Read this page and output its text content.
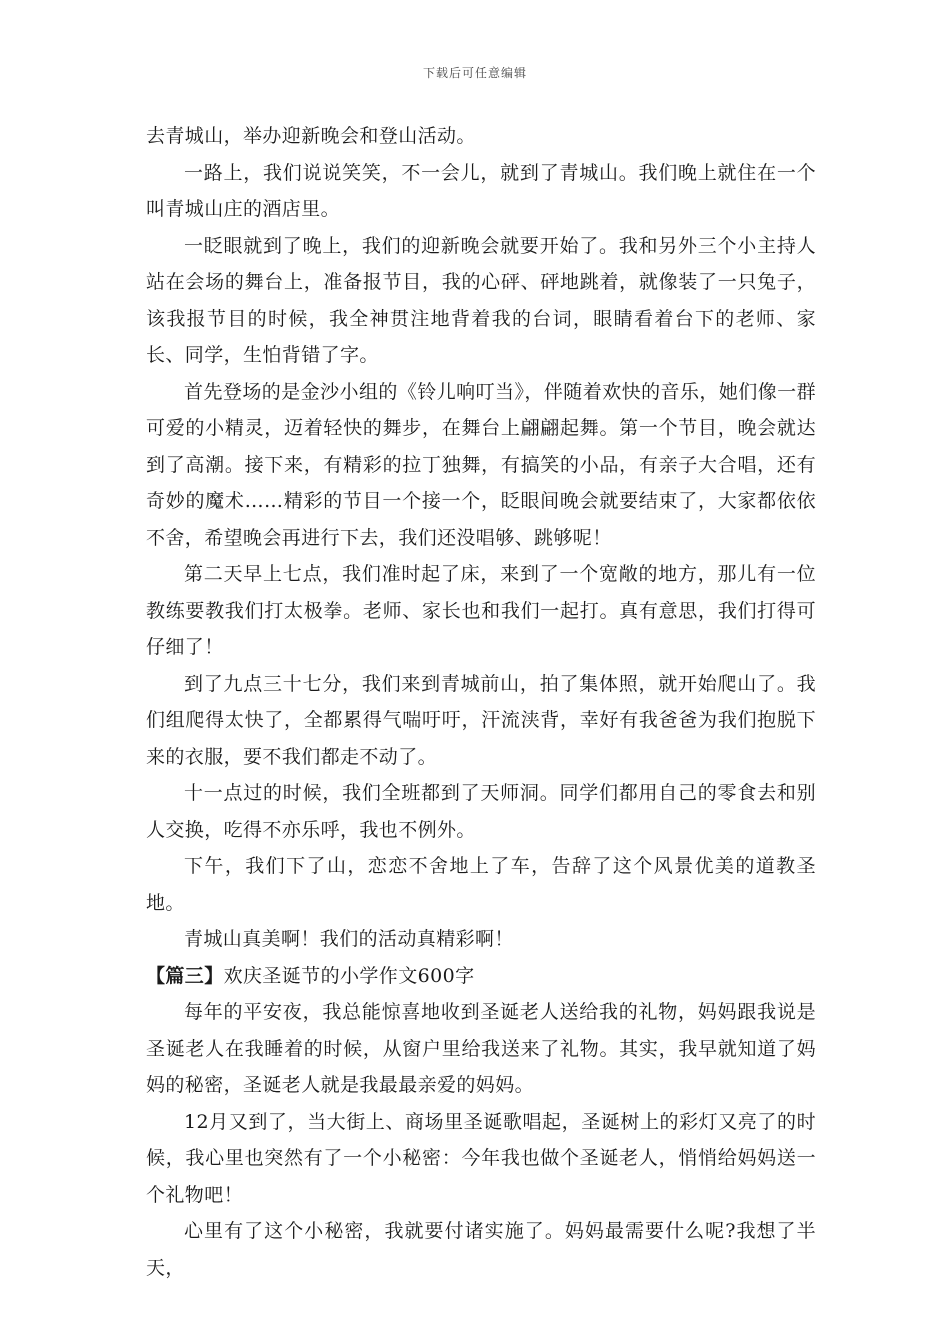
下载后可任意编辑

去青城山，举办迎新晚会和登山活动。

一路上，我们说说笑笑，不一会儿，就到了青城山。我们晚上就住在一个叫青城山庄的酒店里。

一眨眼就到了晚上，我们的迎新晚会就要开始了。我和另外三个小主持人站在会场的舞台上，准备报节目，我的心砰、砰地跳着，就像装了一只兔子，该我报节目的时候，我全神贯注地背着我的台词，眼睛看着台下的老师、家长、同学，生怕背错了字。

首先登场的是金沙小组的《铃儿响叮当》，伴随着欢快的音乐，她们像一群可爱的小精灵，迈着轻快的舞步，在舞台上翩翩起舞。第一个节目，晚会就达到了高潮。接下来，有精彩的拉丁独舞，有搞笑的小品，有亲子大合唱，还有奇妙的魔术……精彩的节目一个接一个，眨眼间晚会就要结束了，大家都依依不舍，希望晚会再进行下去，我们还没唱够、跳够呢！

第二天早上七点，我们准时起了床，来到了一个宽敞的地方，那儿有一位教练要教我们打太极拳。老师、家长也和我们一起打。真有意思，我们打得可仔细了！

到了九点三十七分，我们来到青城前山，拍了集体照，就开始爬山了。我们组爬得太快了，全都累得气喘吁吁，汗流浃背，幸好有我爸爸为我们抱脱下来的衣服，要不我们都走不动了。

十一点过的时候，我们全班都到了天师洞。同学们都用自己的零食去和别人交换，吃得不亦乐呼，我也不例外。

下午，我们下了山，恋恋不舍地上了车，告辞了这个风景优美的道教圣地。

青城山真美啊！我们的活动真精彩啊！

【篇三】欢庆圣诞节的小学作文600字

每年的平安夜，我总能惊喜地收到圣诞老人送给我的礼物，妈妈跟我说是圣诞老人在我睡着的时候，从窗户里给我送来了礼物。其实，我早就知道了妈妈的秘密，圣诞老人就是我最最亲爱的妈妈。

12月又到了，当大街上、商场里圣诞歌唱起，圣诞树上的彩灯又亮了的时候，我心里也突然有了一个小秘密：今年我也做个圣诞老人，悄悄给妈妈送一个礼物吧！

心里有了这个小秘密，我就要付诸实施了。妈妈最需要什么呢?我想了半天，
